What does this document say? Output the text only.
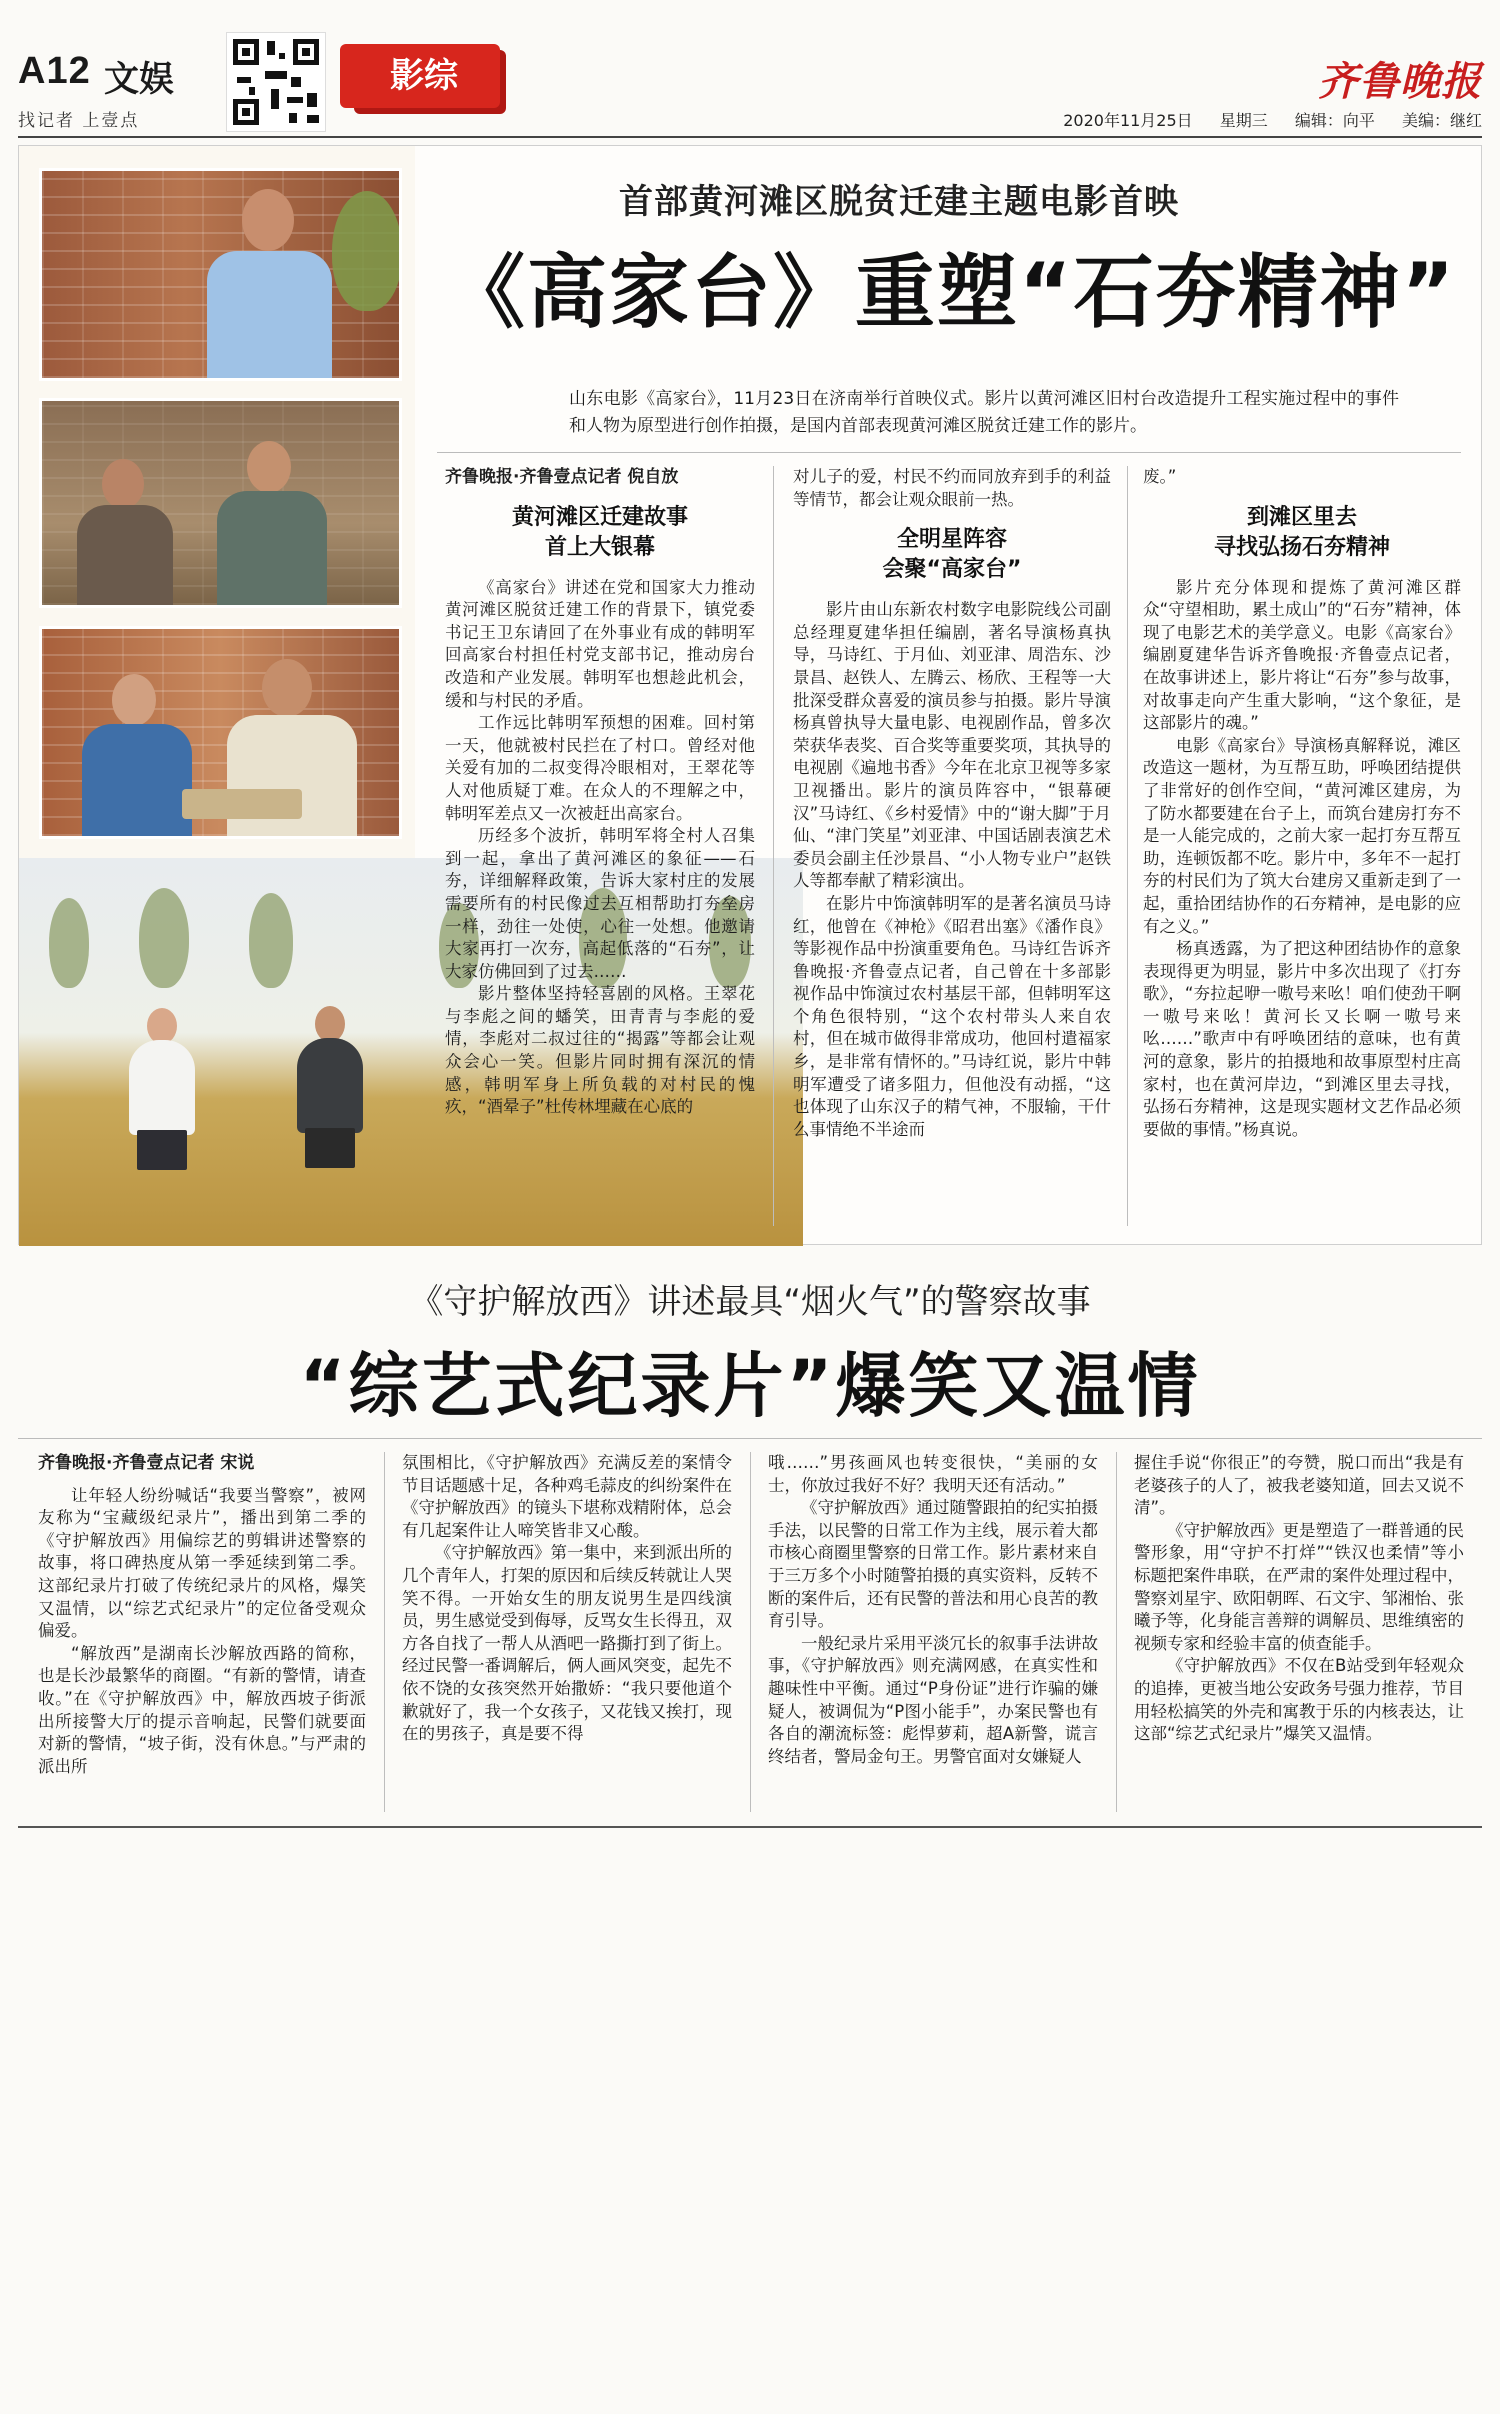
A12 文娱
找记者 上壹点
影综	齐鲁晚报
2020年11月25日 星期三 编辑：向平 美编：继红
首部黄河滩区脱贫迁建主题电影首映
《高家台》重塑“石夯精神”
山东电影《高家台》，11月23日在济南举行首映仪式。影片以黄河滩区旧村台改造提升工程实施过程中的事件和人物为原型进行创作拍摄，是国内首部表现黄河滩区脱贫迁建工作的影片。

齐鲁晚报·齐鲁壹点记者 倪自放

黄河滩区迁建故事
首上大银幕

《高家台》讲述在党和国家大力推动黄河滩区脱贫迁建工作的背景下，镇党委书记王卫东请回了在外事业有成的韩明军回高家台村担任村党支部书记，推动房台改造和产业发展。韩明军也想趁此机会，缓和与村民的矛盾。

工作远比韩明军预想的困难。回村第一天，他就被村民拦在了村口。曾经对他关爱有加的二叔变得冷眼相对，王翠花等人对他质疑丁难。在众人的不理解之中，韩明军差点又一次被赶出高家台。

历经多个波折，韩明军将全村人召集到一起，拿出了黄河滩区的象征——石夯，详细解释政策，告诉大家村庄的发展需要所有的村民像过去互相帮助打夯垒房一样，劲往一处使，心往一处想。他邀请大家再打一次夯，高起低落的“石夯”，让大家仿佛回到了过去……

影片整体坚持轻喜剧的风格。王翠花与李彪之间的蟠笑，田青青与李彪的爱情，李彪对二叔过往的“揭露”等都会让观众会心一笑。但影片同时拥有深沉的情感，韩明军身上所负载的对村民的愧疚，“酒晕子”杜传林埋藏在心底的

对儿子的爱，村民不约而同放弃到手的利益等情节，都会让观众眼前一热。

全明星阵容
会聚“高家台”

影片由山东新农村数字电影院线公司副总经理夏建华担任编剧，著名导演杨真执导，马诗红、于月仙、刘亚津、周浩东、沙景昌、赵铁人、左腾云、杨欣、王程等一大批深受群众喜爱的演员参与拍摄。影片导演杨真曾执导大量电影、电视剧作品，曾多次荣获华表奖、百合奖等重要奖项，其执导的电视剧《遍地书香》今年在北京卫视等多家卫视播出。影片的演员阵容中，“银幕硬汉”马诗红、《乡村爱情》中的“谢大脚”于月仙、“津门笑星”刘亚津、中国话剧表演艺术委员会副主任沙景昌、“小人物专业户”赵铁人等都奉献了精彩演出。

在影片中饰演韩明军的是著名演员马诗红，他曾在《神枪》《昭君出塞》《潘作良》等影视作品中扮演重要角色。马诗红告诉齐鲁晚报·齐鲁壹点记者，自己曾在十多部影视作品中饰演过农村基层干部，但韩明军这个角色很特别，“这个农村带头人来自农村，但在城市做得非常成功，他回村遣福家乡，是非常有情怀的。”马诗红说，影片中韩明军遭受了诸多阻力，但他没有动摇，“这也体现了山东汉子的精气神，不服输，干什么事情绝不半途而

废。”

到滩区里去
寻找弘扬石夯精神

影片充分体现和提炼了黄河滩区群众“守望相助，累土成山”的“石夯”精神，体现了电影艺术的美学意义。电影《高家台》编剧夏建华告诉齐鲁晚报·齐鲁壹点记者，在故事讲述上，影片将让“石夯”参与故事，对故事走向产生重大影响，“这个象征，是这部影片的魂。”

电影《高家台》导演杨真解释说，滩区改造这一题材，为互帮互助，呼唤团结提供了非常好的创作空间，“黄河滩区建房，为了防水都要建在台子上，而筑台建房打夯不是一人能完成的，之前大家一起打夯互帮互助，连顿饭都不吃。影片中，多年不一起打夯的村民们为了筑大台建房又重新走到了一起，重拾团结协作的石夯精神，是电影的应有之义。”

杨真透露，为了把这种团结协作的意象表现得更为明显，影片中多次出现了《打夯歌》，“夯拉起咿一嗷号来吆！咱们使劲干啊一嗷号来吆！黄河长又长啊一嗷号来吆……”歌声中有呼唤团结的意味，也有黄河的意象，影片的拍摄地和故事原型村庄高家村，也在黄河岸边，“到滩区里去寻找，弘扬石夯精神，这是现实题材文艺作品必须要做的事情。”杨真说。

《守护解放西》讲述最具“烟火气”的警察故事
“综艺式纪录片”爆笑又温情

齐鲁晚报·齐鲁壹点记者 宋说

让年轻人纷纷喊话“我要当警察”，被网友称为“宝藏级纪录片”，播出到第二季的《守护解放西》用偏综艺的剪辑讲述警察的故事，将口碑热度从第一季延续到第二季。这部纪录片打破了传统纪录片的风格，爆笑又温情，以“综艺式纪录片”的定位备受观众偏爱。

“解放西”是湖南长沙解放西路的简称，也是长沙最繁华的商圈。“有新的警情，请查收。”在《守护解放西》中，解放西坡子街派出所接警大厅的提示音响起，民警们就要面对新的警情，“坡子街，没有休息。”与严肃的派出所

氛围相比，《守护解放西》充满反差的案情令节目话题感十足，各种鸡毛蒜皮的纠纷案件在《守护解放西》的镜头下堪称戏精附体，总会有几起案件让人啼笑皆非又心酸。

《守护解放西》第一集中，来到派出所的几个青年人，打架的原因和后续反转就让人哭笑不得。一开始女生的朋友说男生是四线演员，男生感觉受到侮辱，反骂女生长得丑，双方各自找了一帮人从酒吧一路撕打到了街上。经过民警一番调解后，俩人画风突变，起先不依不饶的女孩突然开始撒娇：“我只要他道个歉就好了，我一个女孩子，又花钱又挨打，现在的男孩子，真是要不得

哦……”男孩画风也转变很快，“美丽的女士，你放过我好不好？我明天还有活动。”

《守护解放西》通过随警跟拍的纪实拍摄手法，以民警的日常工作为主线，展示着大都市核心商圈里警察的日常工作。影片素材来自于三万多个小时随警拍摄的真实资料，反转不断的案件后，还有民警的普法和用心良苦的教育引导。

一般纪录片采用平淡冗长的叙事手法讲故事，《守护解放西》则充满网感，在真实性和趣味性中平衡。通过“P身份证”进行诈骗的嫌疑人，被调侃为“P图小能手”，办案民警也有各自的潮流标签：彪悍萝莉，超A新警，谎言终结者，警局金句王。男警官面对女嫌疑人

握住手说“你很正”的夸赞，脱口而出“我是有老婆孩子的人了，被我老婆知道，回去又说不清”。

《守护解放西》更是塑造了一群普通的民警形象，用“守护不打烊”“铁汉也柔情”等小标题把案件串联，在严肃的案件处理过程中，警察刘星宇、欧阳朝晖、石文宇、邹湘怡、张曦予等，化身能言善辩的调解员、思维缜密的视频专家和经验丰富的侦查能手。

《守护解放西》不仅在B站受到年轻观众的追捧，更被当地公安政务号强力推荐，节目用轻松搞笑的外壳和寓教于乐的内核表达，让这部“综艺式纪录片”爆笑又温情。
